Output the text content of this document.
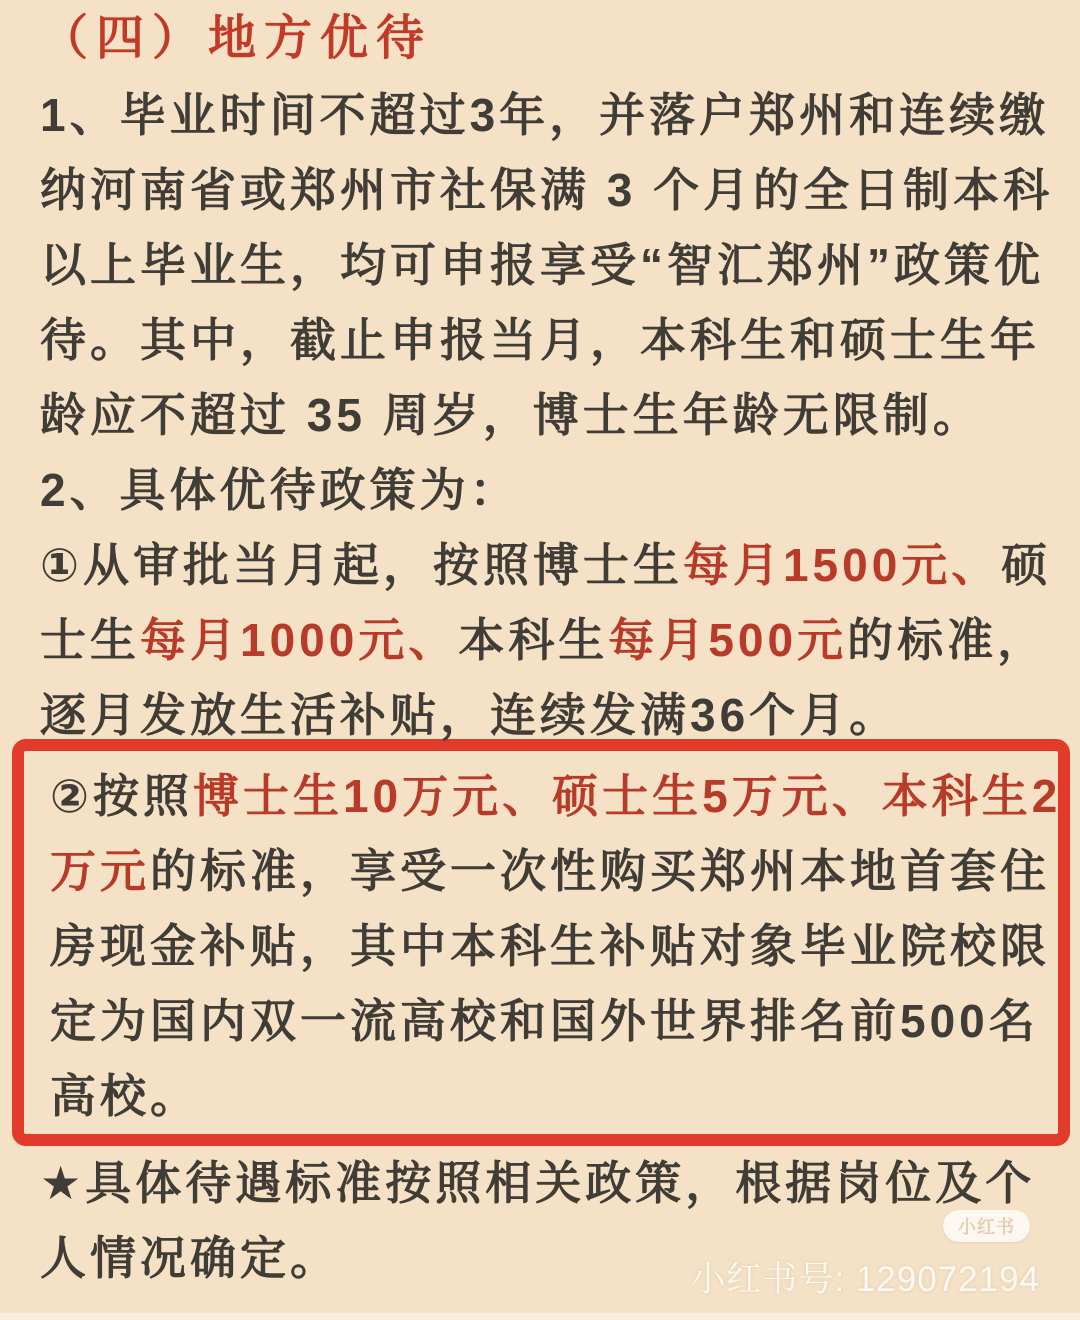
（四）地方优待
1、毕业时间不超过3年，并落户郑州和连续缴
纳河南省或郑州市社保满 3 个月的全日制本科
以上毕业生，均可申报享受“智汇郑州”政策优
待。其中，截止申报当月，本科生和硕士生年
龄应不超过 35 周岁，博士生年龄无限制。
2、具体优待政策为：
①从审批当月起，按照博士生每月1500元、硕
士生每月1000元、本科生每月500元的标准，
逐月发放生活补贴，连续发满36个月。
②按照博士生10万元、硕士生5万元、本科生2
万元的标准，享受一次性购买郑州本地首套住
房现金补贴，其中本科生补贴对象毕业院校限
定为国内双一流高校和国外世界排名前500名
高校。
★具体待遇标准按照相关政策，根据岗位及个
人情况确定。
小红书
小红书号: 129072194
